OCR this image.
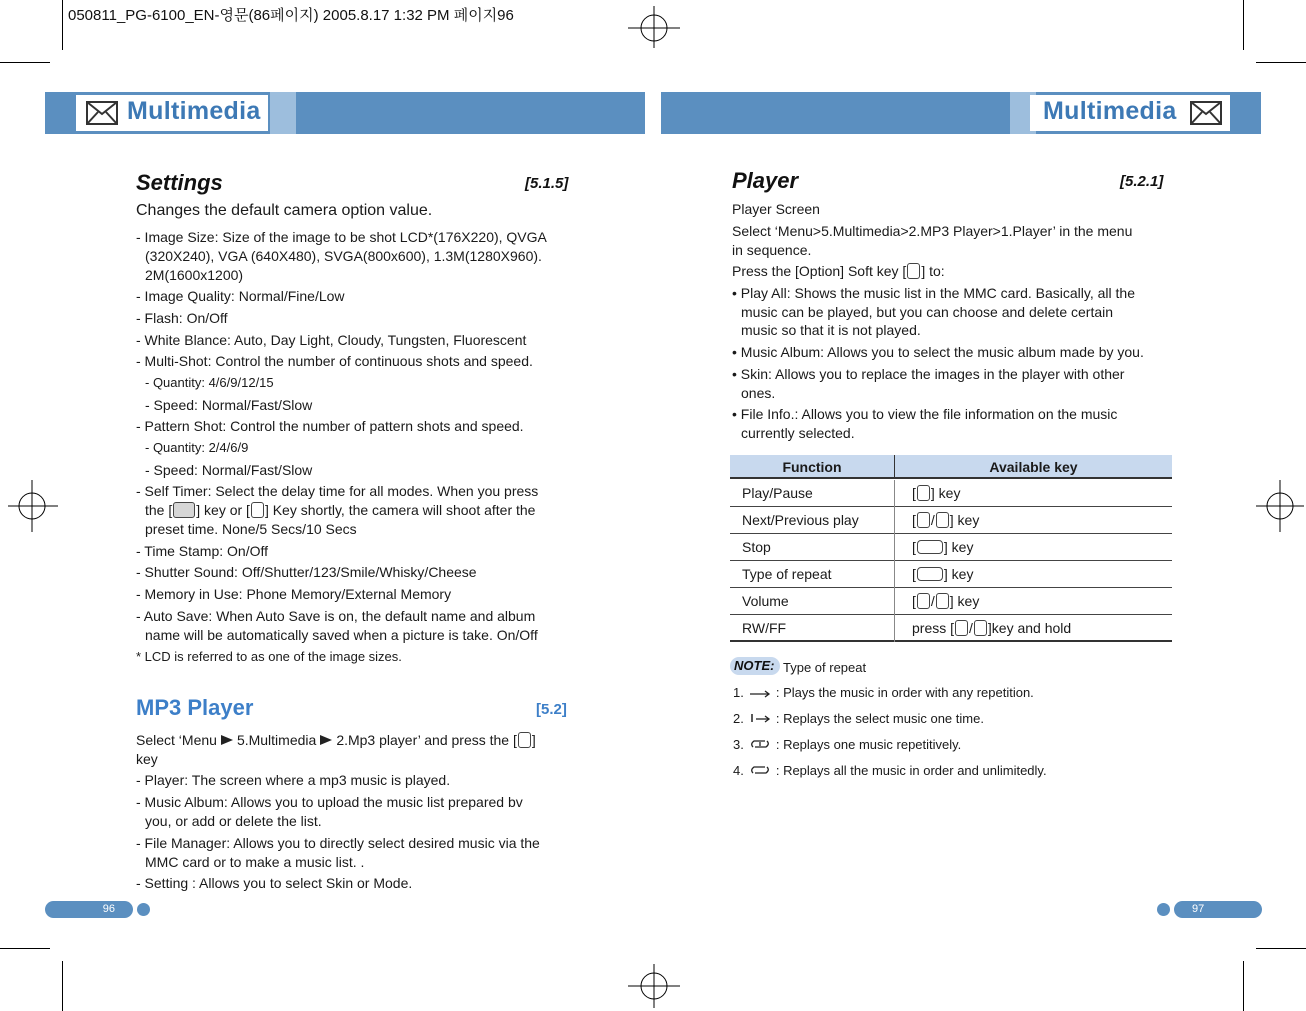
050811_PG-6100_EN-영문(86페이지) 2005.8.17 1:32 PM 페이지96
Multimedia	Multimedia
Settings	[5.1.5]
Changes the default camera option value.
- Image Size: Size of the image to be shot LCD*(176X220), QVGA
(320X240), VGA (640X480), SVGA(800x600), 1.3M(1280X960).
2M(1600x1200)
- Image Quality: Normal/Fine/Low
- Flash: On/Off
- White Blance: Auto, Day Light, Cloudy, Tungsten, Fluorescent
- Multi-Shot: Control the number of continuous shots and speed.
- Quantity: 4/6/9/12/15
- Speed: Normal/Fast/Slow
- Pattern Shot: Control the number of pattern shots and speed.
- Quantity: 2/4/6/9
- Speed: Normal/Fast/Slow
- Self Timer: Select the delay time for all modes. When you press
the [ ] key or [ ] Key shortly, the camera will shoot after the
preset time. None/5 Secs/10 Secs
- Time Stamp: On/Off
- Shutter Sound: Off/Shutter/123/Smile/Whisky/Cheese
- Memory in Use: Phone Memory/External Memory
- Auto Save: When Auto Save is on, the default name and album
name will be automatically saved when a picture is take. On/Off
* LCD is referred to as one of the image sizes.
MP3 Player	[5.2]
Select ‘Menu 5.Multimedia 2.Mp3 player’ and press the [ ]
key
- Player: The screen where a mp3 music is played.
- Music Album: Allows you to upload the music list prepared bv
you, or add or delete the list.
- File Manager: Allows you to directly select desired music via the
MMC card or to make a music list. .
- Setting : Allows you to select Skin or Mode.
96	97
Player	[5.2.1]
Player Screen
Select ‘Menu>5.Multimedia>2.MP3 Player>1.Player’ in the menu
in sequence.
Press the [Option] Soft key [ ] to:
• Play All: Shows the music list in the MMC card. Basically, all the
music can be played, but you can choose and delete certain
music so that it is not played.
• Music Album: Allows you to select the music album made by you.
• Skin: Allows you to replace the images in the player with other
ones.
• File Info.: Allows you to view the file information on the music
currently selected.
Function	Available key
Play/Pause	[ ] key
Next/Previous play	[ / ] key
Stop	[ ] key
Type of repeat	[ ] key
Volume	[ / ] key
RW/FF	press [ / ]key and hold
NOTE: Type of repeat
1. : Plays the music in order with any repetition.
2. : Replays the select music one time.
3. : Replays one music repetitively.
4. : Replays all the music in order and unlimitedly.
